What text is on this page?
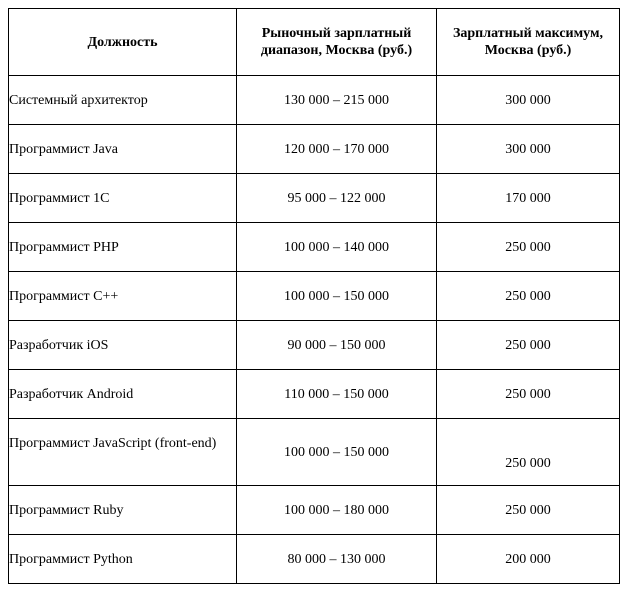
Должность	Рыночный зарплатный диапазон, Москва (руб.)	Зарплатный максимум, Москва (руб.)

Системный архитектор	130 000 – 215 000	300 000
Программист Java	120 000 – 170 000	300 000
Программист 1С	95 000 – 122 000	170 000
Программист PHP	100 000 – 140 000	250 000
Программист С++	100 000 – 150 000	250 000
Разработчик iOS	90 000 – 150 000	250 000
Разработчик Android	110 000 – 150 000	250 000
Программист JavaScript (front-end)	100 000 – 150 000	250 000
Программист Ruby	100 000 – 180 000	250 000
Программист Python	80 000 – 130 000	200 000
